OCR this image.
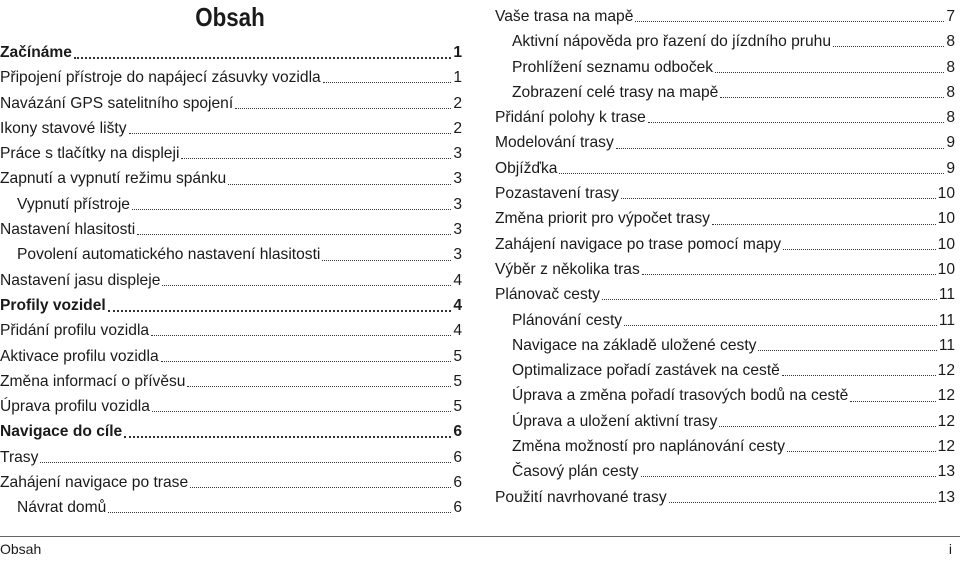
Obsah
Začínáme	1
Připojení přístroje do napájecí zásuvky vozidla	1
Navázání GPS satelitního spojení	2
Ikony stavové lišty	2
Práce s tlačítky na displeji	3
Zapnutí a vypnutí režimu spánku	3
Vypnutí přístroje	3
Nastavení hlasitosti	3
Povolení automatického nastavení hlasitosti	3
Nastavení jasu displeje	4
Profily vozidel	4
Přidání profilu vozidla	4
Aktivace profilu vozidla	5
Změna informací o přívěsu	5
Úprava profilu vozidla	5
Navigace do cíle	6
Trasy	6
Zahájení navigace po trase	6
Návrat domů	6
Vaše trasa na mapě	7
Aktivní nápověda pro řazení do jízdního pruhu	8
Prohlížení seznamu odboček	8
Zobrazení celé trasy na mapě	8
Přidání polohy k trase	8
Modelování trasy	9
Objížďka	9
Pozastavení trasy	10
Změna priorit pro výpočet trasy	10
Zahájení navigace po trase pomocí mapy	10
Výběr z několika tras	10
Plánovač cesty	11
Plánování cesty	11
Navigace na základě uložené cesty	11
Optimalizace pořadí zastávek na cestě	12
Úprava a změna pořadí trasových bodů na cestě	12
Úprava a uložení aktivní trasy	12
Změna možností pro naplánování cesty	12
Časový plán cesty	13
Použití navrhované trasy	13
Obsah	i
